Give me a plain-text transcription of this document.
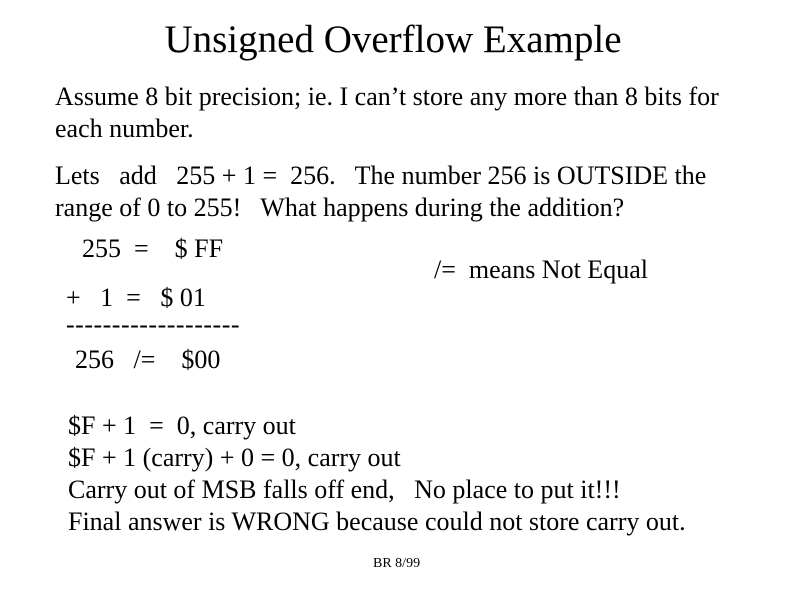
Unsigned Overflow Example
Assume 8 bit precision; ie. I can’t store any more than 8 bits for
each number.
Lets   add   255 + 1 =  256.   The number 256 is OUTSIDE the
range of 0 to 255!   What happens during the addition?
255  =    $ FF
/=  means Not Equal
+   1  =   $ 01
-------------------
256   /=    $00
$F + 1  =  0, carry out
$F + 1 (carry) + 0 = 0, carry out
Carry out of MSB falls off end,   No place to put it!!!
Final answer is WRONG because could not store carry out.
BR 8/99
